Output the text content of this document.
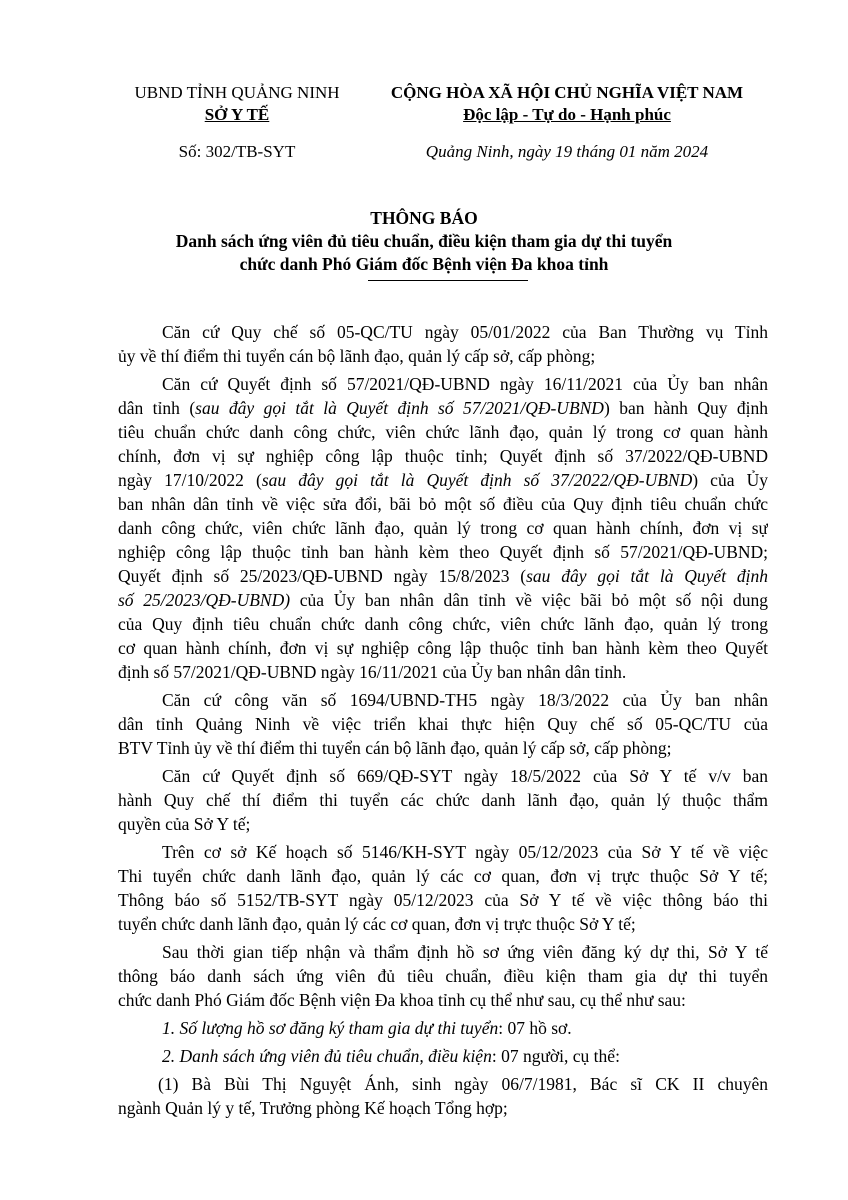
UBND TỈNH QUẢNG NINH
SỞ Y TẾ
CỘNG HÒA XÃ HỘI CHỦ NGHĨA VIỆT NAM
Độc lập - Tự do - Hạnh phúc
Số: 302/TB-SYT	Quảng Ninh, ngày 19 tháng 01 năm 2024
THÔNG BÁO
Danh sách ứng viên đủ tiêu chuẩn, điều kiện tham gia dự thi tuyển
chức danh Phó Giám đốc Bệnh viện Đa khoa tỉnh
Căn cứ Quy chế số 05-QC/TU ngày 05/01/2022 của Ban Thường vụ Tỉnh
ủy về thí điểm thi tuyển cán bộ lãnh đạo, quản lý cấp sở, cấp phòng;
Căn cứ Quyết định số 57/2021/QĐ-UBND ngày 16/11/2021 của Ủy ban nhân
dân tỉnh (sau đây gọi tắt là Quyết định số 57/2021/QĐ-UBND) ban hành Quy định
tiêu chuẩn chức danh công chức, viên chức lãnh đạo, quản lý trong cơ quan hành
chính, đơn vị sự nghiệp công lập thuộc tỉnh; Quyết định số 37/2022/QĐ-UBND
ngày 17/10/2022 (sau đây gọi tắt là Quyết định số 37/2022/QĐ-UBND) của Ủy
ban nhân dân tỉnh về việc sửa đổi, bãi bỏ một số điều của Quy định tiêu chuẩn chức
danh công chức, viên chức lãnh đạo, quản lý trong cơ quan hành chính, đơn vị sự
nghiệp công lập thuộc tỉnh ban hành kèm theo Quyết định số 57/2021/QĐ-UBND;
Quyết định số 25/2023/QĐ-UBND ngày 15/8/2023 (sau đây gọi tắt là Quyết định
số 25/2023/QĐ-UBND) của Ủy ban nhân dân tỉnh về việc bãi bỏ một số nội dung
của Quy định tiêu chuẩn chức danh công chức, viên chức lãnh đạo, quản lý trong
cơ quan hành chính, đơn vị sự nghiệp công lập thuộc tỉnh ban hành kèm theo Quyết
định số 57/2021/QĐ-UBND ngày 16/11/2021 của Ủy ban nhân dân tỉnh.
Căn cứ công văn số 1694/UBND-TH5 ngày 18/3/2022 của Ủy ban nhân
dân tỉnh Quảng Ninh về việc triển khai thực hiện Quy chế số 05-QC/TU của
BTV Tỉnh ủy về thí điểm thi tuyển cán bộ lãnh đạo, quản lý cấp sở, cấp phòng;
Căn cứ Quyết định số 669/QĐ-SYT ngày 18/5/2022 của Sở Y tế v/v ban
hành Quy chế thí điểm thi tuyển các chức danh lãnh đạo, quản lý thuộc thẩm
quyền của Sở Y tế;
Trên cơ sở Kế hoạch số 5146/KH-SYT ngày 05/12/2023 của Sở Y tế về việc
Thi tuyển chức danh lãnh đạo, quản lý các cơ quan, đơn vị trực thuộc Sở Y tế;
Thông báo số 5152/TB-SYT ngày 05/12/2023 của Sở Y tế về việc thông báo thi
tuyển chức danh lãnh đạo, quản lý các cơ quan, đơn vị trực thuộc Sở Y tế;
Sau thời gian tiếp nhận và thẩm định hồ sơ ứng viên đăng ký dự thi, Sở Y tế
thông báo danh sách ứng viên đủ tiêu chuẩn, điều kiện tham gia dự thi tuyển
chức danh Phó Giám đốc Bệnh viện Đa khoa tỉnh cụ thể như sau, cụ thể như sau:
1. Số lượng hồ sơ đăng ký tham gia dự thi tuyển: 07 hồ sơ.
2. Danh sách ứng viên đủ tiêu chuẩn, điều kiện: 07 người, cụ thể:
(1) Bà Bùi Thị Nguyệt Ánh, sinh ngày 06/7/1981, Bác sĩ CK II chuyên
ngành Quản lý y tế, Trưởng phòng Kế hoạch Tổng hợp;
